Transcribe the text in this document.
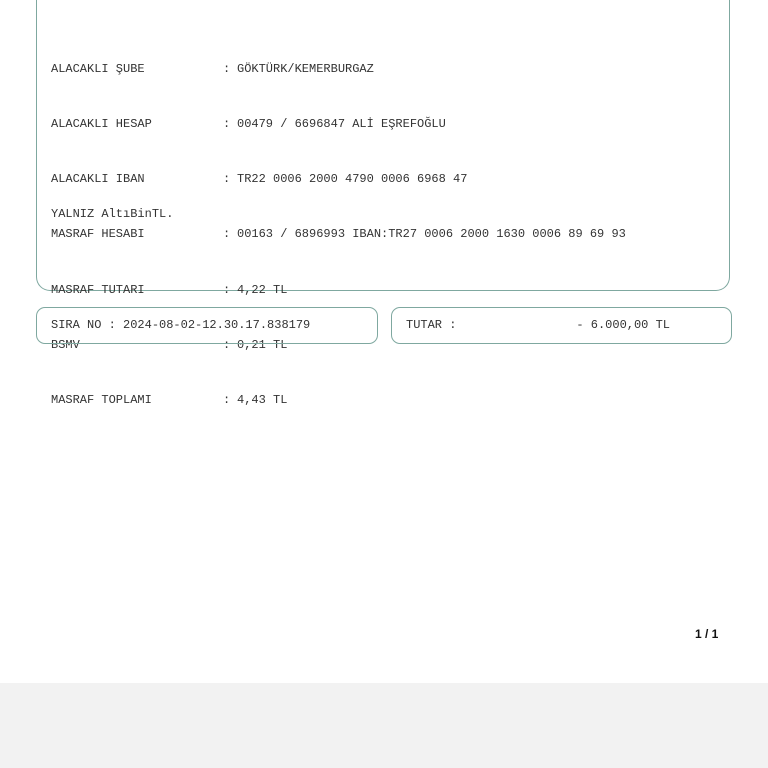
ALACAKLI ŞUBE	: GÖKTÜRK/KEMERBURGAZ

ALACAKLI HESAP	: 00479 / 6696847 ALİ EŞREFOĞLU

ALACAKLI IBAN	: TR22 0006 2000 4790 0006 6968 47

MASRAF HESABI	: 00163 / 6896993 IBAN:TR27 0006 2000 1630 0006 89 69 93

MASRAF TUTARI	: 4,22 TL

BSMV	: 0,21 TL

MASRAF TOPLAMI	: 4,43 TL

YALNIZ AltıBinTL.

SIRA NO : 2024-08-02-12.30.17.838179

	TUTAR :

	- 6.000,00 TL

1 / 1
